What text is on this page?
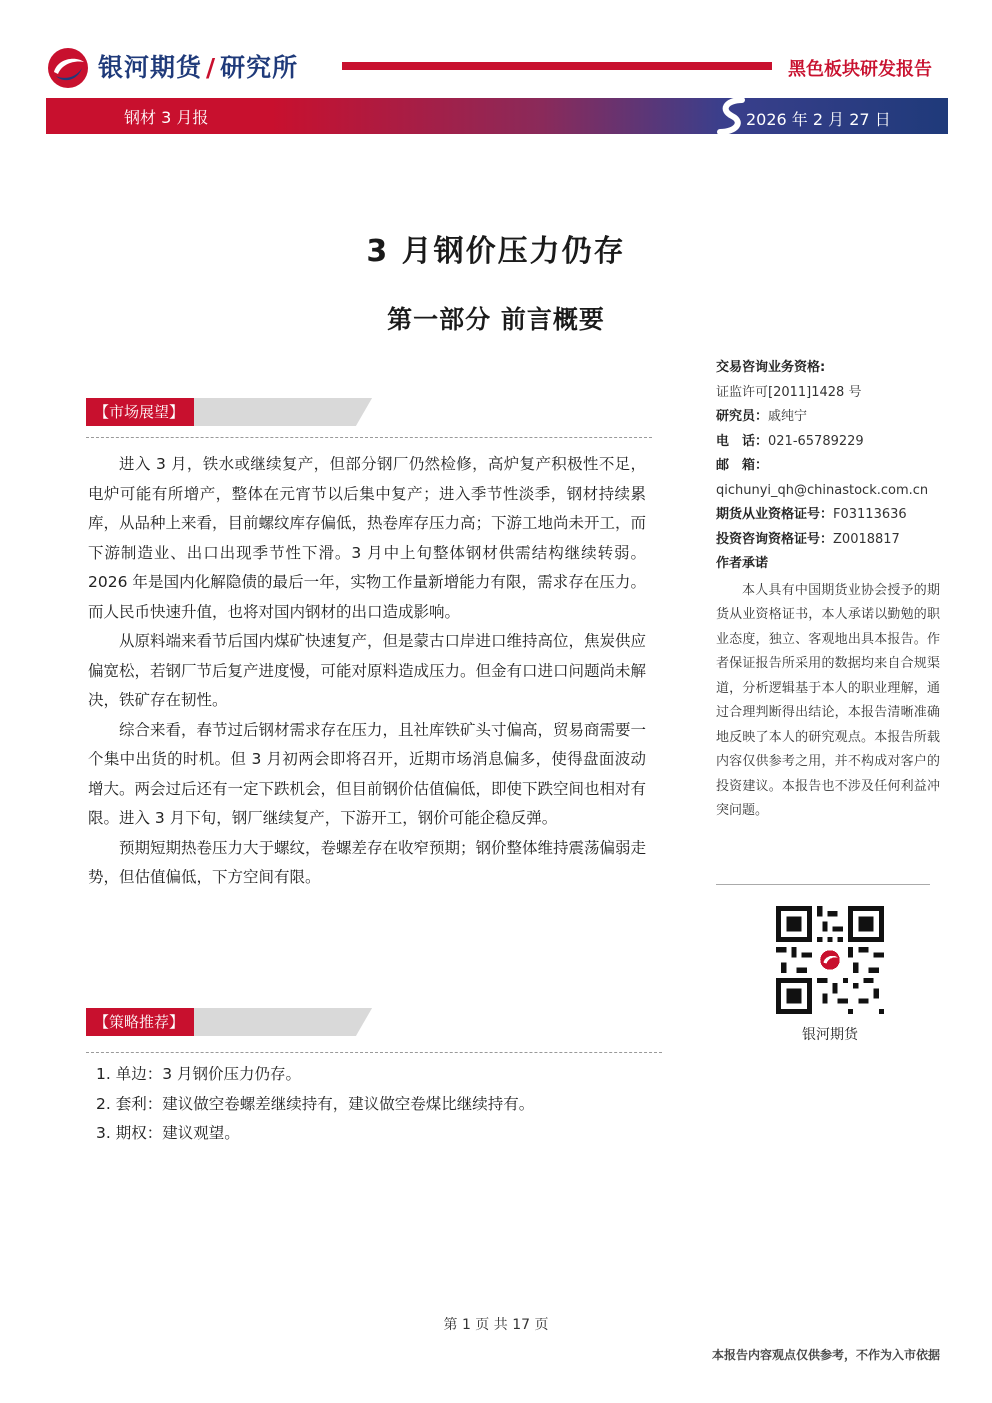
银河期货 / 研究所	黑色板块研发报告
钢材 3 月报	2026 年 2 月 27 日
3 月钢价压力仍存
第一部分 前言概要
【市场展望】

进入 3 月，铁水或继续复产，但部分钢厂仍然检修，高炉复产积极性不足，电炉可能有所增产，整体在元宵节以后集中复产；进入季节性淡季，钢材持续累库，从品种上来看，目前螺纹库存偏低，热卷库存压力高；下游工地尚未开工，而下游制造业、出口出现季节性下滑。3 月中上旬整体钢材供需结构继续转弱。2026 年是国内化解隐债的最后一年，实物工作量新增能力有限，需求存在压力。而人民币快速升值，也将对国内钢材的出口造成影响。

从原料端来看节后国内煤矿快速复产，但是蒙古口岸进口维持高位，焦炭供应偏宽松，若钢厂节后复产进度慢，可能对原料造成压力。但金有口进口问题尚未解决，铁矿存在韧性。

综合来看，春节过后钢材需求存在压力，且社库铁矿头寸偏高，贸易商需要一个集中出货的时机。但 3 月初两会即将召开，近期市场消息偏多，使得盘面波动增大。两会过后还有一定下跌机会，但目前钢价估值偏低，即使下跌空间也相对有限。进入 3 月下旬，钢厂继续复产，下游开工，钢价可能企稳反弹。

预期短期热卷压力大于螺纹，卷螺差存在收窄预期；钢价整体维持震荡偏弱走势，但估值偏低，下方空间有限。

【策略推荐】
1. 单边：3 月钢价压力仍存。
2. 套利：建议做空卷螺差继续持有，建议做空卷煤比继续持有。
3. 期权：建议观望。
交易咨询业务资格:
证监许可[2011]1428 号
研究员：戚纯宁
电　话：021-65789229
邮　箱：
qichunyi_qh@chinastock.com.cn
期货从业资格证号：F03113636
投资咨询资格证号：Z0018817
作者承诺
本人具有中国期货业协会授予的期货从业资格证书，本人承诺以勤勉的职业态度，独立、客观地出具本报告。作者保证报告所采用的数据均来自合规渠道，分析逻辑基于本人的职业理解，通过合理判断得出结论，本报告清晰准确地反映了本人的研究观点。本报告所载内容仅供参考之用，并不构成对客户的投资建议。本报告也不涉及任何利益冲突问题。
银河期货
第 1 页 共 17 页
本报告内容观点仅供参考，不作为入市依据
